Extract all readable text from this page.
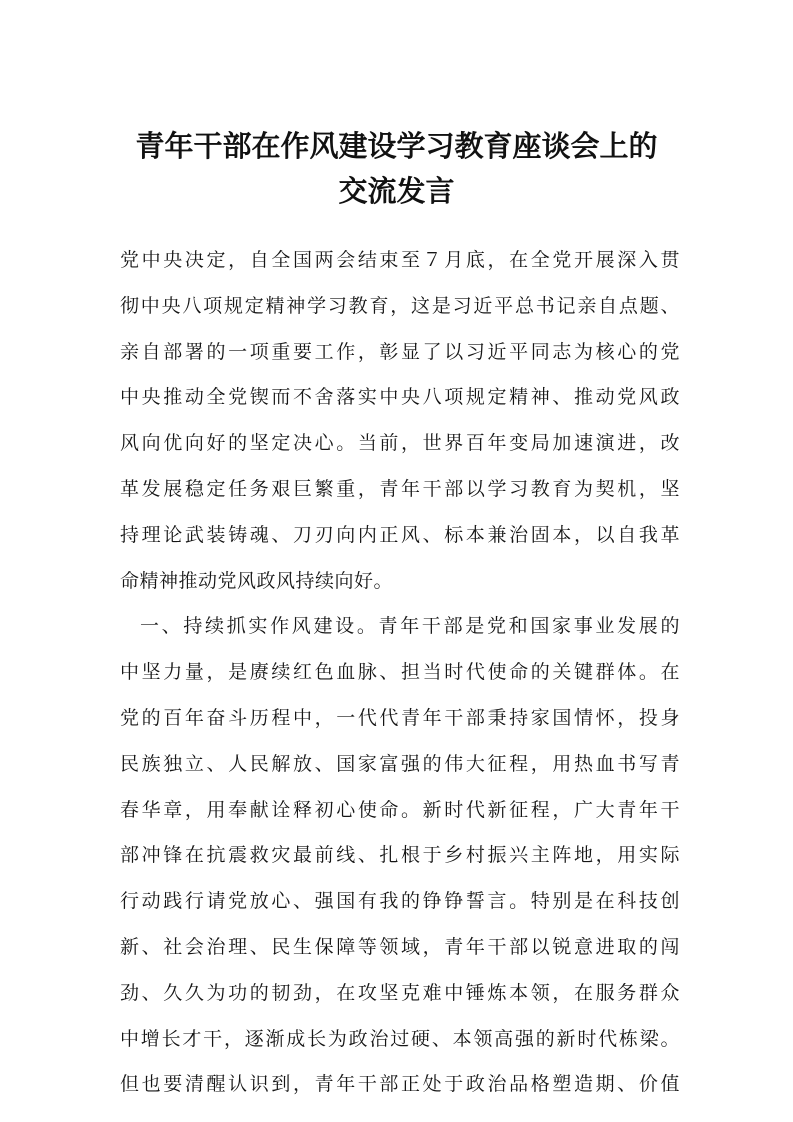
青年干部在作风建设学习教育座谈会上的
交流发言
党中央决定，自全国两会结束至７月底，在全党开展深入贯
彻中央八项规定精神学习教育，这是习近平总书记亲自点题、
亲自部署的一项重要工作，彰显了以习近平同志为核心的党
中央推动全党锲而不舍落实中央八项规定精神、推动党风政
风向优向好的坚定决心。当前，世界百年变局加速演进，改
革发展稳定任务艰巨繁重，青年干部以学习教育为契机，坚
持理论武装铸魂、刀刃向内正风、标本兼治固本，以自我革
命精神推动党风政风持续向好。
一、持续抓实作风建设。青年干部是党和国家事业发展的
中坚力量，是赓续红色血脉、担当时代使命的关键群体。在
党的百年奋斗历程中，一代代青年干部秉持家国情怀，投身
民族独立、人民解放、国家富强的伟大征程，用热血书写青
春华章，用奉献诠释初心使命。新时代新征程，广大青年干
部冲锋在抗震救灾最前线、扎根于乡村振兴主阵地，用实际
行动践行请党放心、强国有我的铮铮誓言。特别是在科技创
新、社会治理、民生保障等领域，青年干部以锐意进取的闯
劲、久久为功的韧劲，在攻坚克难中锤炼本领，在服务群众
中增长才干，逐渐成长为政治过硬、本领高强的新时代栋梁。
但也要清醒认识到，青年干部正处于政治品格塑造期、价值
